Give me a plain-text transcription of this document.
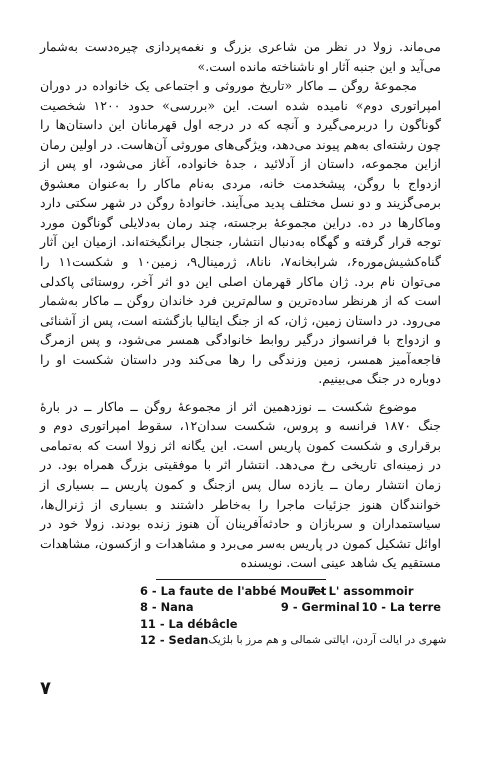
می‌ماند. زولا در نظر من شاعری بزرگ و نغمه‌پردازی چیره‌دست به‌شمار می‌آید و این جنبه آثار او ناشناخته مانده است.»

مجموعهٔ روگن ــ ماکار «تاریخ موروثی و اجتماعی یک خانواده در دوران امپراتوری دوم» نامیده شده است. این «بررسی» حدود ۱۲۰۰ شخصیت گوناگون را دربرمی‌گیرد و آنچه که در درجه اول قهرمانان این داستان‌ها را چون رشته‌ای به‌هم پیوند می‌دهد، ویژگی‌های موروثی آن‌هاست. در اولین رمان ازاین مجموعه، داستان از آدلائید ، جدهٔ خانواده، آغاز می‌شود، او پس از ازدواج با روگن، پیشخدمت خانه، مردی به‌نام ماکار را به‌عنوان معشوق برمی‌گزیند و دو نسل مختلف پدید می‌آیند. خانوادهٔ روگن در شهر سکتی دارد وماکارها در ده. دراین مجموعهٔ برجسته، چند رمان به‌دلایلی گوناگون مورد توجه قرار گرفته و گهگاه به‌دنبال انتشار، جنجال برانگیخته‌اند. ازمیان این آثار گناه‌کشیش‌موره۶، شرابخانه۷، نانا۸، ژرمینال۹، زمین۱۰ و شکست۱۱ را می‌توان نام برد. ژان ماکار قهرمان اصلی این دو اثر آخر، روستائی پاکدلی است که از هرنظر ساده‌ترین و سالم‌ترین فرد خاندان روگن ــ ماکار به‌شمار می‌رود. در داستان زمین، ژان، که از جنگ ایتالیا بازگشته است، پس از آشنائی و ازدواج با فرانسواز درگیر روابط خانوادگی همسر می‌شود، و پس ازمرگ فاجعه‌آمیز همسر، زمین وزندگی را رها می‌کند ودر داستان شکست او را دوباره در جنگ می‌بینیم.

موضوع شکست ــ نوزدهمین اثر از مجموعهٔ روگن ــ ماکار ــ در بارهٔ جنگ ۱۸۷۰ فرانسه و پروس، شکست سدان۱۲، سقوط امپراتوری دوم و برقراری و شکست کمون پاریس است. این یگانه اثر زولا است که به‌تمامی در زمینه‌ای تاریخی رخ می‌دهد. انتشار اثر با موفقیتی بزرگ همراه بود. در زمان انتشار رمان ــ یازده سال پس ازجنگ و کمون پاریس ــ بسیاری از خوانندگان هنوز جزئیات ماجرا را به‌خاطر داشتند و بسیاری از ژنرال‌ها، سیاستمداران و سربازان و حادثه‌آفرینان آن هنوز زنده بودند. زولا خود در اوائل تشکیل کمون در پاریس به‌سر می‌برد و مشاهدات و ازکسون، مشاهدات مستقیم یک شاهد عینی است. نویسنده

6 - La faute de l'abbé Mouret
7 - L' assommoir
8 - Nana	9 - Germinal 10 - La terre
11 - La débâcle
12 - Sedan شهری در ایالت آردن، ایالتی شمالی و هم مرز با بلژیک
۷
